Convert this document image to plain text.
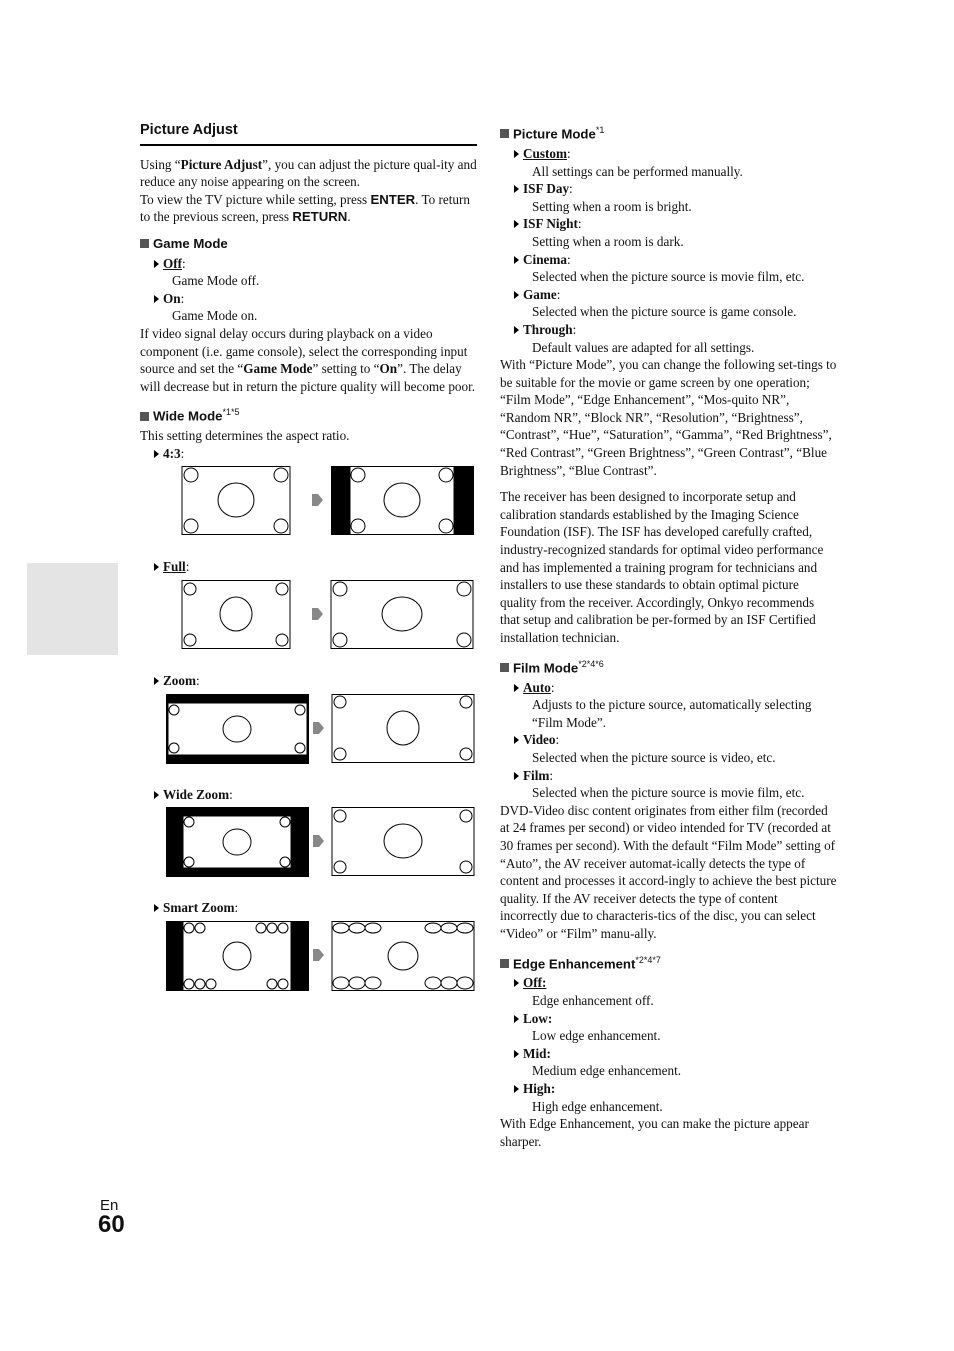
En
60
Picture Adjust

Using “Picture Adjust”, you can adjust the picture qual-ity and reduce any noise appearing on the screen.

To view the TV picture while setting, press ENTER. To return to the previous screen, press RETURN.

Game Mode
Off:
Game Mode off.
On:
Game Mode on.

If video signal delay occurs during playback on a video component (i.e. game console), select the corresponding input source and set the “Game Mode” setting to “On”. The delay will decrease but in return the picture quality will become poor.

Wide Mode$^{*1*5}$

This setting determines the aspect ratio.

4:3:
Full:
Zoom:
Wide Zoom:
Smart Zoom:
Picture Mode$^{*1}$
Custom:
All settings can be performed manually.
ISF Day:
Setting when a room is bright.
ISF Night:
Setting when a room is dark.
Cinema:
Selected when the picture source is movie film, etc.
Game:
Selected when the picture source is game console.
Through:
Default values are adapted for all settings.

With “Picture Mode”, you can change the following set-tings to be suitable for the movie or game screen by one operation; “Film Mode”, “Edge Enhancement”, “Mos-quito NR”, “Random NR”, “Block NR”, “Resolution”, “Brightness”, “Contrast”, “Hue”, “Saturation”, “Gamma”, “Red Brightness”, “Red Contrast”, “Green Brightness”, “Green Contrast”, “Blue Brightness”, “Blue Contrast”.

The receiver has been designed to incorporate setup and calibration standards established by the Imaging Science Foundation (ISF). The ISF has developed carefully crafted, industry-recognized standards for optimal video performance and has implemented a training program for technicians and installers to use these standards to obtain optimal picture quality from the receiver. Accordingly, Onkyo recommends that setup and calibration be per-formed by an ISF Certified installation technician.

Film Mode$^{*2*4*6}$
Auto:
Adjusts to the picture source, automatically selecting “Film Mode”.
Video:
Selected when the picture source is video, etc.
Film:
Selected when the picture source is movie film, etc.

DVD-Video disc content originates from either film (recorded at 24 frames per second) or video intended for TV (recorded at 30 frames per second). With the default “Film Mode” setting of “Auto”, the AV receiver automat-ically detects the type of content and processes it accord-ingly to achieve the best picture quality. If the AV receiver detects the type of content incorrectly due to characteris-tics of the disc, you can select “Video” or “Film” manu-ally.

Edge Enhancement$^{*2*4*7}$
Off:
Edge enhancement off.
Low:
Low edge enhancement.
Mid:
Medium edge enhancement.
High:
High edge enhancement.

With Edge Enhancement, you can make the picture appear sharper.
